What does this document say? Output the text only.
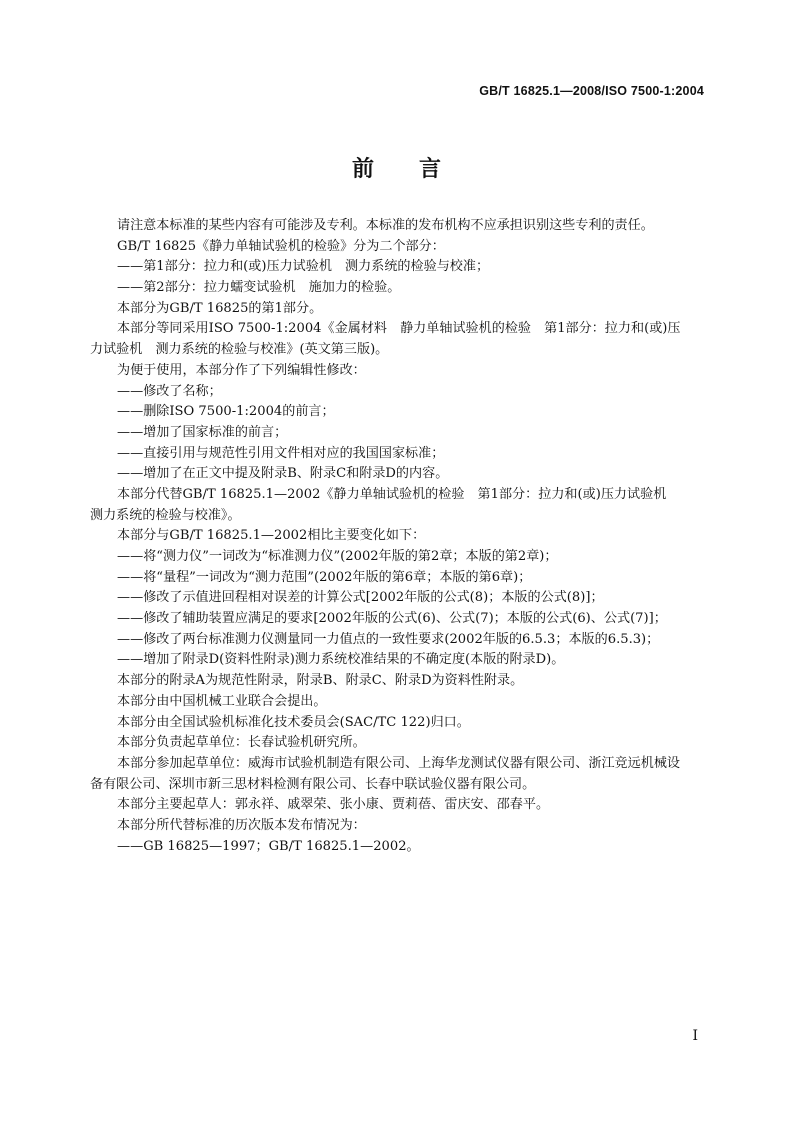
GB/T 16825.1—2008/ISO 7500-1:2004
前 言
请注意本标准的某些内容有可能涉及专利。本标准的发布机构不应承担识别这些专利的责任。
GB/T 16825《静力单轴试验机的检验》分为二个部分：
——第1部分：拉力和(或)压力试验机　测力系统的检验与校准；
——第2部分：拉力蠕变试验机　施加力的检验。
本部分为GB/T 16825的第1部分。
本部分等同采用ISO 7500-1:2004《金属材料　静力单轴试验机的检验　第1部分：拉力和(或)压
力试验机　测力系统的检验与校准》(英文第三版)。
为便于使用，本部分作了下列编辑性修改：
——修改了名称；
——删除ISO 7500-1:2004的前言；
——增加了国家标准的前言；
——直接引用与规范性引用文件相对应的我国国家标准；
——增加了在正文中提及附录B、附录C和附录D的内容。
本部分代替GB/T 16825.1—2002《静力单轴试验机的检验　第1部分：拉力和(或)压力试验机
测力系统的检验与校准》。
本部分与GB/T 16825.1—2002相比主要变化如下：
——将“测力仪”一词改为“标准测力仪”(2002年版的第2章；本版的第2章)；
——将“量程”一词改为“测力范围”(2002年版的第6章；本版的第6章)；
——修改了示值进回程相对误差的计算公式[2002年版的公式(8)；本版的公式(8)]；
——修改了辅助装置应满足的要求[2002年版的公式(6)、公式(7)；本版的公式(6)、公式(7)]；
——修改了两台标准测力仪测量同一力值点的一致性要求(2002年版的6.5.3；本版的6.5.3)；
——增加了附录D(资料性附录)测力系统校准结果的不确定度(本版的附录D)。
本部分的附录A为规范性附录，附录B、附录C、附录D为资料性附录。
本部分由中国机械工业联合会提出。
本部分由全国试验机标准化技术委员会(SAC/TC 122)归口。
本部分负责起草单位：长春试验机研究所。
本部分参加起草单位：威海市试验机制造有限公司、上海华龙测试仪器有限公司、浙江竞远机械设
备有限公司、深圳市新三思材料检测有限公司、长春中联试验仪器有限公司。
本部分主要起草人：郭永祥、戚翠荣、张小康、贾莉蓓、雷庆安、邵春平。
本部分所代替标准的历次版本发布情况为：
——GB 16825—1997；GB/T 16825.1—2002。
I
